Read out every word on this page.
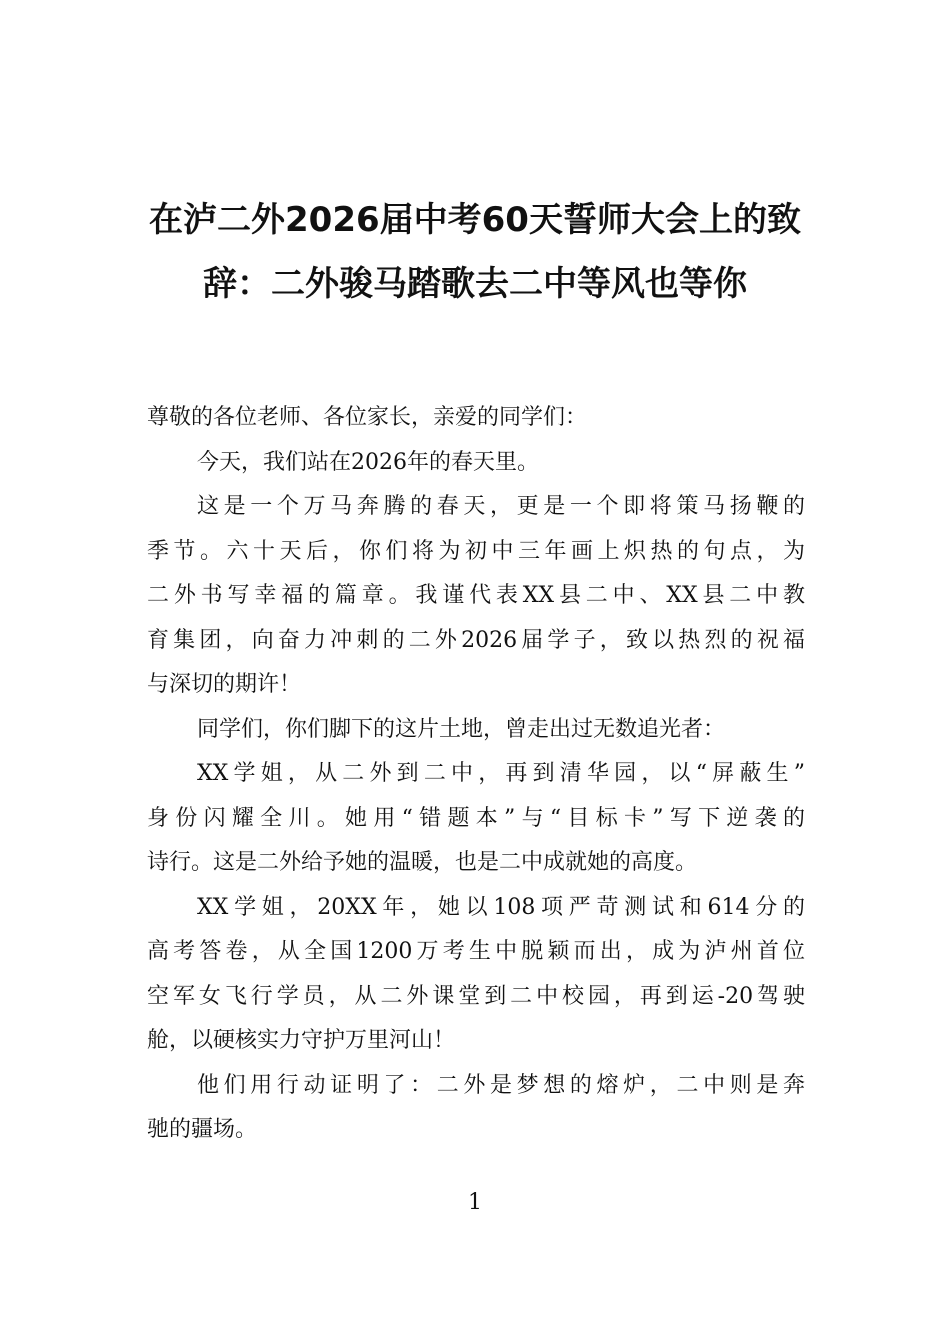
在泸二外2026届中考60天誓师大会上的致
辞：二外骏马踏歌去二中等风也等你

尊敬的各位老师、各位家长，亲爱的同学们：

今天，我们站在2026年的春天里。

这是一个万马奔腾的春天，更是一个即将策马扬鞭的
季节。六十天后，你们将为初中三年画上炽热的句点，为
二外书写幸福的篇章。我谨代表XX县二中、XX县二中教
育集团，向奋力冲刺的二外2026届学子，致以热烈的祝福
与深切的期许！

同学们，你们脚下的这片土地，曾走出过无数追光者：

XX学姐，从二外到二中，再到清华园，以“屏蔽生”
身份闪耀全川。她用“错题本”与“目标卡”写下逆袭的
诗行。这是二外给予她的温暖，也是二中成就她的高度。

XX学姐，20XX年，她以108项严苛测试和614分的
高考答卷，从全国1200万考生中脱颖而出，成为泸州首位
空军女飞行学员，从二外课堂到二中校园，再到运-20驾驶
舱，以硬核实力守护万里河山！

他们用行动证明了：二外是梦想的熔炉，二中则是奔
驰的疆场。

1
